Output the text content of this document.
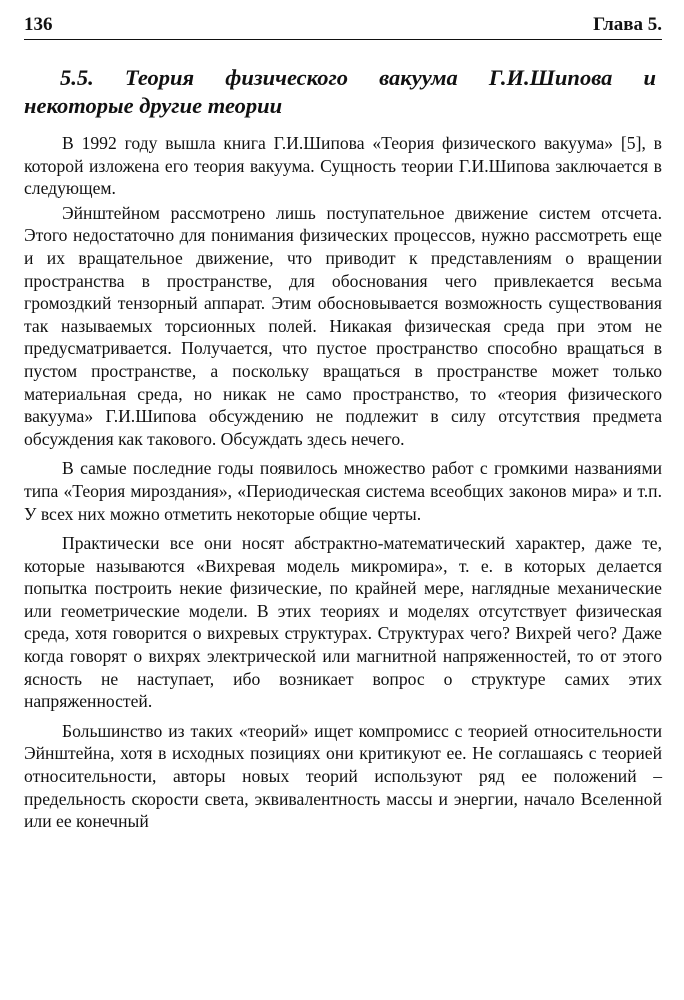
136	Глава 5.
5.5. Теория физического вакуума Г.И.Шипова и
некоторые другие теории

В 1992 году вышла книга Г.И.Шипова «Теория физического вакуума» [5], в которой изложена его теория вакуума. Сущность теории Г.И.Шипова заключается в следующем.

Эйнштейном рассмотрено лишь поступательное движение систем отсчета. Этого недостаточно для понимания физических процессов, нужно рассмотреть еще и их вращательное движение, что приводит к представлениям о вращении пространства в пространстве, для обоснования чего привлекается весьма громоздкий тензорный аппарат. Этим обосновывается возможность существования так называемых торсионных полей. Никакая физическая среда при этом не предусматривается. Получается, что пустое пространство способно вращаться в пустом пространстве, а поскольку вращаться в пространстве может только материальная среда, но никак не само пространство, то «теория физического вакуума» Г.И.Шипова обсуждению не подлежит в силу отсутствия предмета обсуждения как такового. Обсуждать здесь нечего.

В самые последние годы появилось множество работ с громкими названиями типа «Теория мироздания», «Периодическая система всеобщих законов мира» и т.п. У всех них можно отметить некоторые общие черты.

Практически все они носят абстрактно-математический характер, даже те, которые называются «Вихревая модель микромира», т. е. в которых делается попытка построить некие физические, по крайней мере, наглядные механические или геометрические модели. В этих теориях и моделях отсутствует физическая среда, хотя говорится о вихревых структурах. Структурах чего? Вихрей чего? Даже когда говорят о вихрях электрической или магнитной напряженностей, то от этого ясность не наступает, ибо возникает вопрос о структуре самих этих напряженностей.

Большинство из таких «теорий» ищет компромисс с теорией относительности Эйнштейна, хотя в исходных позициях они критикуют ее. Не соглашаясь с теорией относительности, авторы новых теорий используют ряд ее положений – предельность скорости света, эквивалентность массы и энергии, начало Вселенной или ее конечный
